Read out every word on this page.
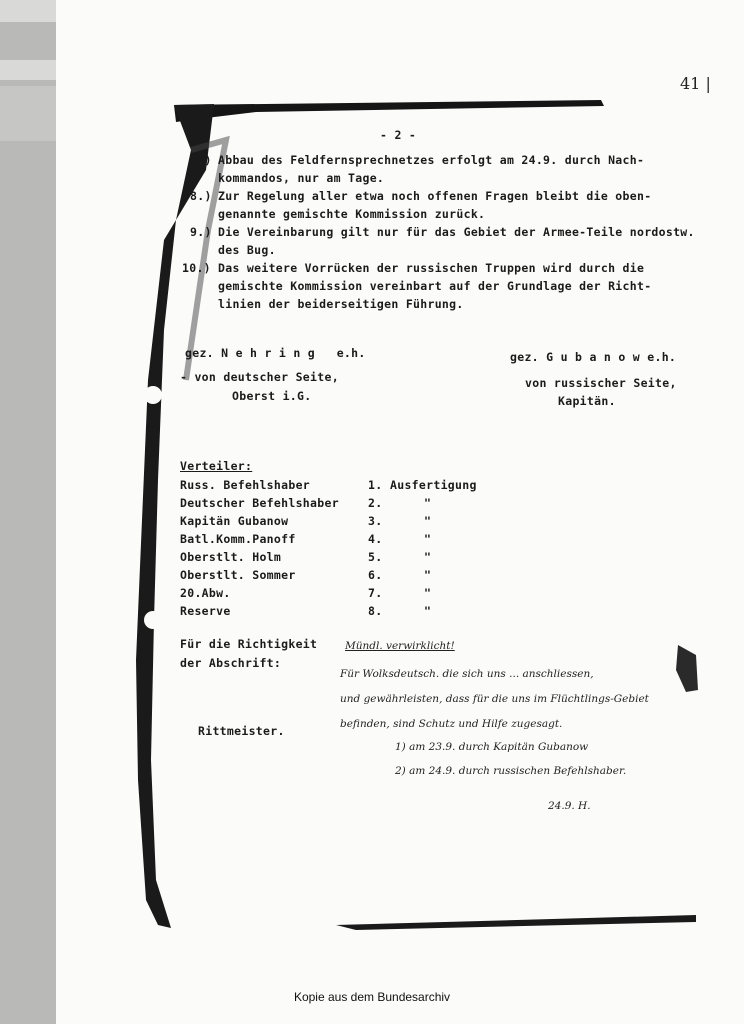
41 |
- 2 -
7.) Abbau des Feldfernsprechnetzes erfolgt am 24.9. durch Nach-
kommandos, nur am Tage.
8.) Zur Regelung aller etwa noch offenen Fragen bleibt die oben-
genannte gemischte Kommission zurück.
9.) Die Vereinbarung gilt nur für das Gebiet der Armee-Teile nordostw.
des Bug.
10.) Das weitere Vorrücken der russischen Truppen wird durch die
gemischte Kommission vereinbart auf der Grundlage der Richt-
linien der beiderseitigen Führung.
gez. N e h r i n g   e.h.
- von deutscher Seite,
Oberst i.G.
gez. G u b a n o w e.h.
von russischer Seite,
Kapitän.
Verteiler:
Russ. Befehlshaber	1. Ausfertigung
Deutscher Befehlshaber	2.	"
Kapitän Gubanow	3.	"
Batl.Komm.Panoff	4.	"
Oberstlt. Holm	5.	"
Oberstlt. Sommer	6.	"
20.Abw.	7.	"
Reserve	8.	"
Für die Richtigkeit
der Abschrift:
Rittmeister.
Mündl. verwirklicht!
Für Wolksdeutsch. die sich uns ... anschliessen,
und gewährleisten, dass für die uns im Flüchtlings-Gebiet
befinden, sind Schutz und Hilfe zugesagt.
1) am 23.9. durch Kapitän Gubanow
2) am 24.9. durch russischen Befehlshaber.
24.9. H.
Kopie aus dem Bundesarchiv
